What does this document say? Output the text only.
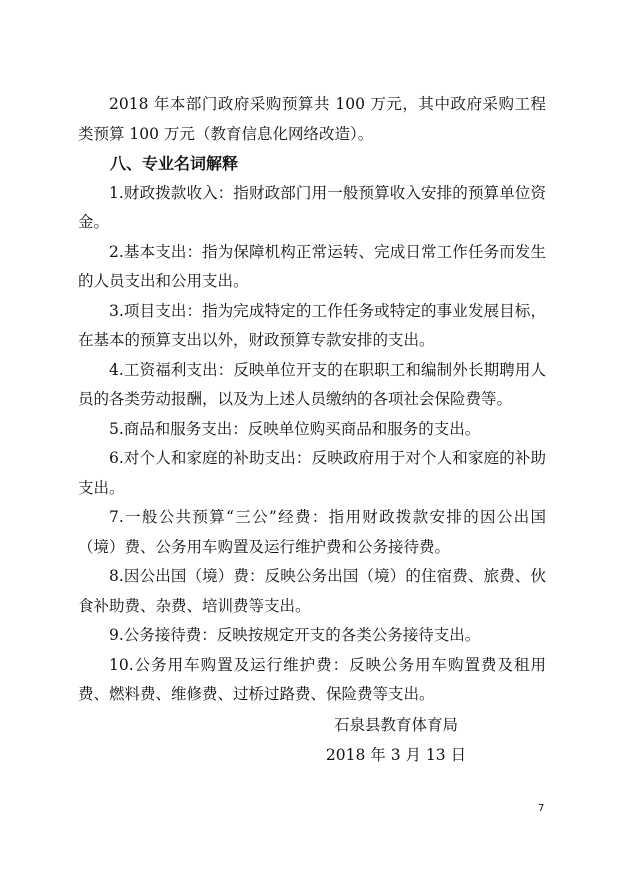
2018 年本部门政府采购预算共 100 万元，其中政府采购工程类预算 100 万元（教育信息化网络改造）。

八、专业名词解释

1.财政拨款收入：指财政部门用一般预算收入安排的预算单位资金。

2.基本支出：指为保障机构正常运转、完成日常工作任务而发生的人员支出和公用支出。

3.项目支出：指为完成特定的工作任务或特定的事业发展目标，在基本的预算支出以外，财政预算专款安排的支出。

4.工资福利支出：反映单位开支的在职职工和编制外长期聘用人员的各类劳动报酬，以及为上述人员缴纳的各项社会保险费等。

5.商品和服务支出：反映单位购买商品和服务的支出。

6.对个人和家庭的补助支出：反映政府用于对个人和家庭的补助支出。

7.一般公共预算“三公”经费：指用财政拨款安排的因公出国（境）费、公务用车购置及运行维护费和公务接待费。

8.因公出国（境）费：反映公务出国（境）的住宿费、旅费、伙食补助费、杂费、培训费等支出。

9.公务接待费：反映按规定开支的各类公务接待支出。

10.公务用车购置及运行维护费：反映公务用车购置费及租用费、燃料费、维修费、过桥过路费、保险费等支出。

石泉县教育体育局
2018 年 3 月 13 日
7
